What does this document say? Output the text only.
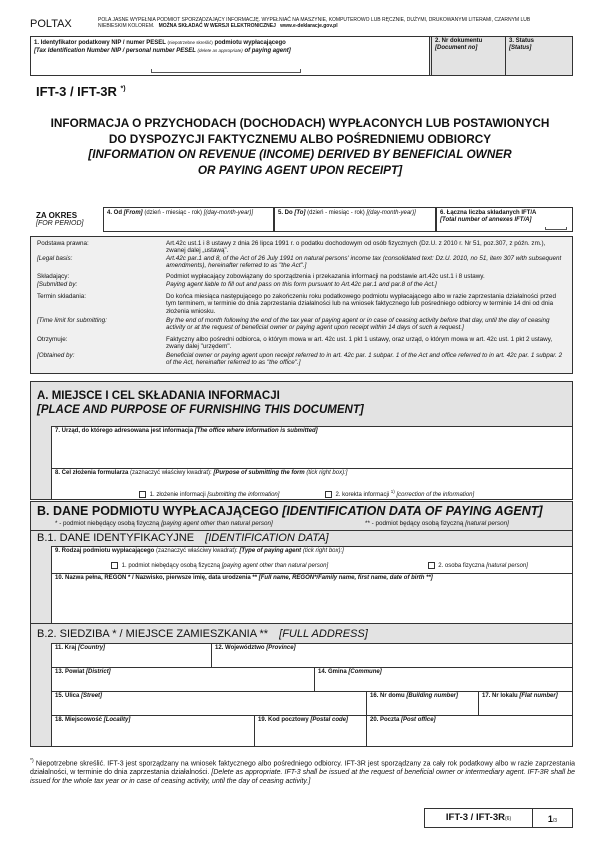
POLTAX	POLA JASNE WYPEŁNIA PODMIOT SPORZĄDZAJĄCY INFORMACJĘ. WYPEŁNIAĆ NA MASZYNIE, KOMPUTEROWO LUB RĘCZNIE, DUŻYMI, DRUKOWANYMI LITERAMI, CZARNYM LUB NIEBIESKIM KOLOREM. MOŻNA SKŁADAĆ W WERSJI ELEKTRONICZNEJ www.e-deklaracje.gov.pl
1. Identyfikator podatkowy NIP / numer PESEL (niepotrzebne skreślić) podmiotu wypłacającego
[Tax Identification Number NIP / personal number PESEL (delete as appropriate) of paying agent]
2. Nr dokumentu
[Document no]
3. Status
[Status]
IFT-3 / IFT-3R *)
INFORMACJA O PRZYCHODACH (DOCHODACH) WYPŁACONYCH LUB POSTAWIONYCH
DO DYSPOZYCJI FAKTYCZNEMU ALBO POŚREDNIEMU ODBIORCY
[INFORMATION ON REVENUE (INCOME) DERIVED BY BENEFICIAL OWNER
OR PAYING AGENT UPON RECEIPT]
ZA OKRES
[FOR PERIOD]
4. Od [From] (dzień - miesiąc - rok) [(day-month-year)]	5. Do [To] (dzień - miesiąc - rok) [(day-month-year)]	6. Łączna liczba składanych IFT/A
[Total number of annexes IFT/A]
Podstawa prawna:	Art.42c ust.1 i 8 ustawy z dnia 26 lipca 1991 r. o podatku dochodowym od osób fizycznych (Dz.U. z 2010 r. Nr 51, poz.307, z późn. zm.), zwanej dalej „ustawą”.
[Legal basis:	Art.42c par.1 and 8, of the Act of 26 July 1991 on natural persons' income tax (consolidated text: Dz.U. 2010, no 51, item 307 with subsequent amendments), hereinafter referred to as "the Act".]
Składający:	Podmiot wypłacający zobowiązany do sporządzenia i przekazania informacji na podstawie art.42c ust.1 i 8 ustawy.
[Submitted by:	Paying agent liable to fill out and pass on this form pursuant to Art.42c par.1 and par.8 of the Act.]
Termin składania:	Do końca miesiąca następującego po zakończeniu roku podatkowego podmiotu wypłacającego albo w razie zaprzestania działalności przed tym terminem, w terminie do dnia zaprzestania działalności lub na wniosek faktycznego lub pośredniego odbiorcy w terminie 14 dni od dnia złożenia wniosku.
[Time limit for submitting:	By the end of month following the end of the tax year of paying agent or in case of ceasing activity before that day, until the day of ceasing activity or at the request of beneficial owner or paying agent upon receipt within 14 days of such a request.]
Otrzymuje:	Faktyczny albo pośredni odbiorca, o którym mowa w art. 42c ust. 1 pkt 1 ustawy, oraz urząd, o którym mowa w art. 42c ust. 1 pkt 2 ustawy, zwany dalej "urzędem".
[Obtained by:	Beneficial owner or paying agent upon receipt referred to in art. 42c par. 1 subpar. 1 of the Act and office referred to in art. 42c par. 1 subpar. 2 of the Act, hereinafter referred to as "the office".]
A. MIEJSCE I CEL SKŁADANIA INFORMACJI
[PLACE AND PURPOSE OF FURNISHING THIS DOCUMENT]
7. Urząd, do którego adresowana jest informacja [The office where information is submitted]
8. Cel złożenia formularza (zaznaczyć właściwy kwadrat): [Purpose of submitting the form (tick right box):]
1. złożenie informacji [submitting the information]	2. korekta informacji $^{1)}$ [correction of the information]
B. DANE PODMIOTU WYPŁACAJĄCEGO [IDENTIFICATION DATA OF PAYING AGENT]
* - podmiot niebędący osobą fizyczną [paying agent other than natural person]	** - podmiot będący osobą fizyczną [natural person]
B.1. DANE IDENTYFIKACYJNE [IDENTIFICATION DATA]
9. Rodzaj podmiotu wypłacającego (zaznaczyć właściwy kwadrat): [Type of paying agent (tick right box):]
1. podmiot niebędący osobą fizyczną [paying agent other than natural person]	2. osoba fizyczna [natural person]
10. Nazwa pełna, REGON * / Nazwisko, pierwsze imię, data urodzenia ** [Full name, REGON*/Family name, first name, date of birth **]
B.2. SIEDZIBA * / MIEJSCE ZAMIESZKANIA ** [FULL ADDRESS]
11. Kraj [Country]	12. Województwo [Province]
13. Powiat [District]	14. Gmina [Commune]
15. Ulica [Street]	16. Nr domu [Building number]	17. Nr lokalu [Flat number]
18. Miejscowość [Locality]	19. Kod pocztowy [Postal code]	20. Poczta [Post office]
*) Niepotrzebne skreślić. IFT-3 jest sporządzany na wniosek faktycznego albo pośredniego odbiorcy. IFT-3R jest sporządzany za cały rok podatkowy albo w razie zaprzestania działalności, w terminie do dnia zaprzestania działalności. [Delete as appropriate. IFT-3 shall be issued at the request of beneficial owner or intermediary agent. IFT-3R shall be issued for the whole tax year or in case of ceasing activity, until the day of ceasing activity.]
IFT-3 / IFT-3R(6)	1/3
